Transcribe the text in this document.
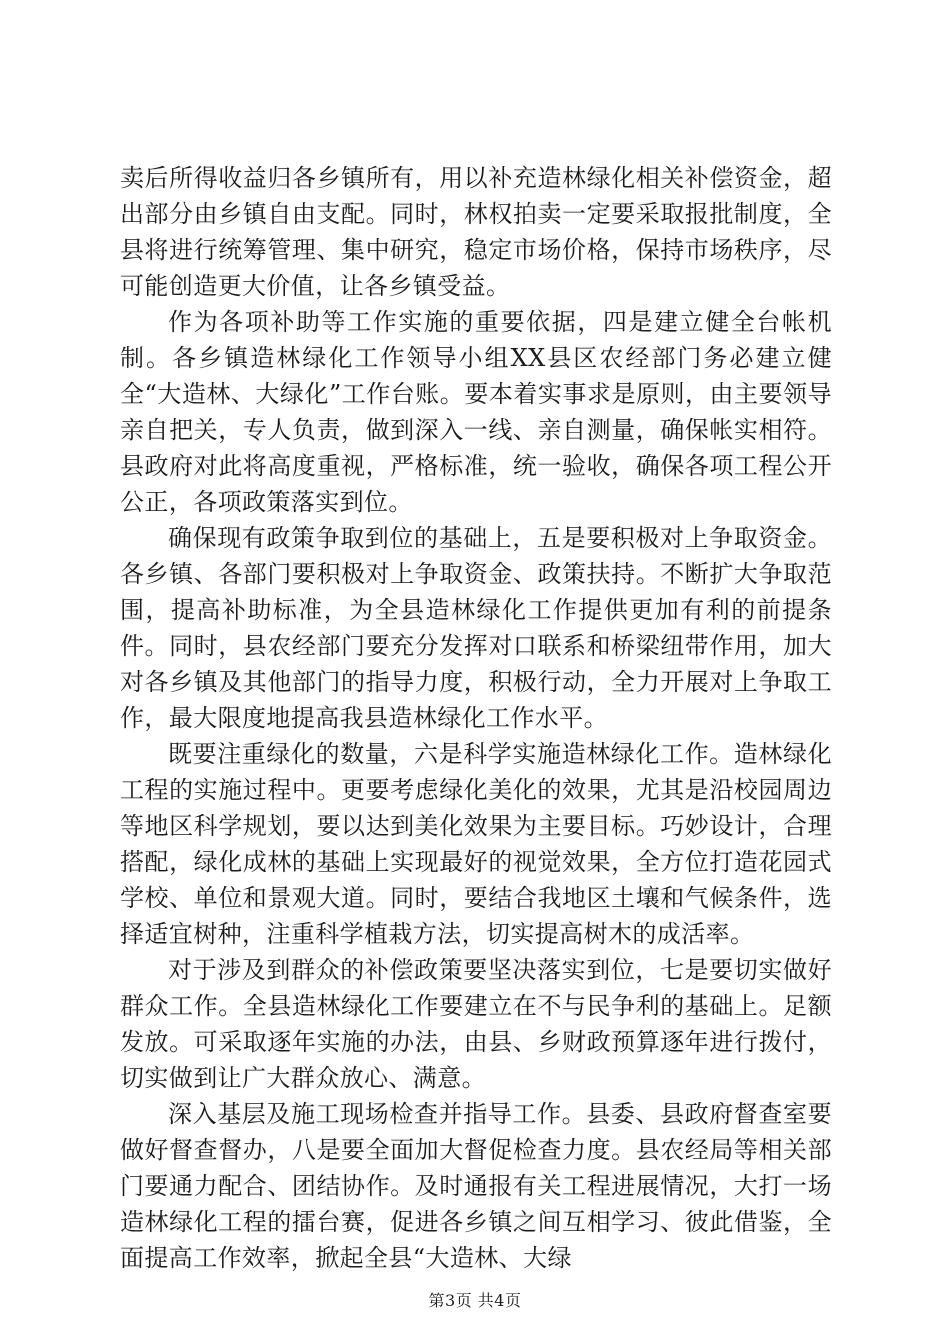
卖后所得收益归各乡镇所有，用以补充造林绿化相关补偿资金，超出部分由乡镇自由支配。同时，林权拍卖一定要采取报批制度，全县将进行统筹管理、集中研究，稳定市场价格，保持市场秩序，尽可能创造更大价值，让各乡镇受益。

作为各项补助等工作实施的重要依据，四是建立健全台帐机制。各乡镇造林绿化工作领导小组XX县区农经部门务必建立健全“大造林、大绿化”工作台账。要本着实事求是原则，由主要领导亲自把关，专人负责，做到深入一线、亲自测量，确保帐实相符。县政府对此将高度重视，严格标准，统一验收，确保各项工程公开公正，各项政策落实到位。

确保现有政策争取到位的基础上，五是要积极对上争取资金。各乡镇、各部门要积极对上争取资金、政策扶持。不断扩大争取范围，提高补助标准，为全县造林绿化工作提供更加有利的前提条件。同时，县农经部门要充分发挥对口联系和桥梁纽带作用，加大对各乡镇及其他部门的指导力度，积极行动，全力开展对上争取工作，最大限度地提高我县造林绿化工作水平。

既要注重绿化的数量，六是科学实施造林绿化工作。造林绿化工程的实施过程中。更要考虑绿化美化的效果，尤其是沿校园周边等地区科学规划，要以达到美化效果为主要目标。巧妙设计，合理搭配，绿化成林的基础上实现最好的视觉效果，全方位打造花园式学校、单位和景观大道。同时，要结合我地区土壤和气候条件，选择适宜树种，注重科学植栽方法，切实提高树木的成活率。

对于涉及到群众的补偿政策要坚决落实到位，七是要切实做好群众工作。全县造林绿化工作要建立在不与民争利的基础上。足额发放。可采取逐年实施的办法，由县、乡财政预算逐年进行拨付，切实做到让广大群众放心、满意。

深入基层及施工现场检查并指导工作。县委、县政府督查室要做好督查督办，八是要全面加大督促检查力度。县农经局等相关部门要通力配合、团结协作。及时通报有关工程进展情况，大打一场造林绿化工程的擂台赛，促进各乡镇之间互相学习、彼此借鉴，全面提高工作效率，掀起全县“大造林、大绿

第3页 共4页
